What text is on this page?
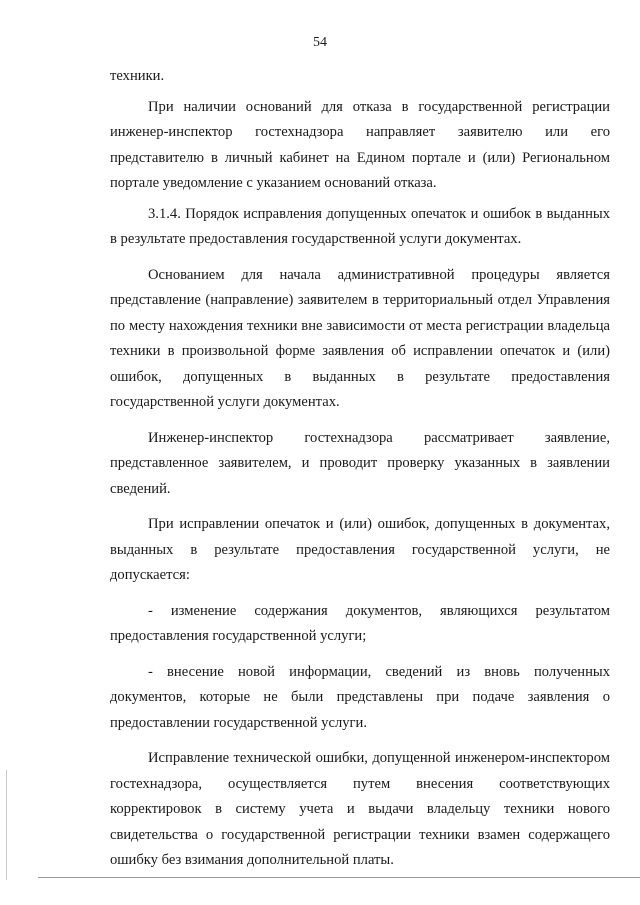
54

техники.

При наличии оснований для отказа в государственной регистрации инженер-инспектор гостехнадзора направляет заявителю или его представителю в личный кабинет на Едином портале и (или) Региональном портале уведомление с указанием оснований отказа.

3.1.4. Порядок исправления допущенных опечаток и ошибок в выданных в результате предоставления государственной услуги документах.

Основанием для начала административной процедуры является представление (направление) заявителем в территориальный отдел Управления по месту нахождения техники вне зависимости от места регистрации владельца техники в произвольной форме заявления об исправлении опечаток и (или) ошибок, допущенных в выданных в результате предоставления государственной услуги документах.

Инженер-инспектор гостехнадзора рассматривает заявление, представленное заявителем, и проводит проверку указанных в заявлении сведений.

При исправлении опечаток и (или) ошибок, допущенных в документах, выданных в результате предоставления государственной услуги, не допускается:

- изменение содержания документов, являющихся результатом предоставления государственной услуги;

- внесение новой информации, сведений из вновь полученных документов, которые не были представлены при подаче заявления о предоставлении государственной услуги.

Исправление технической ошибки, допущенной инженером-инспектором гостехнадзора, осуществляется путем внесения соответствующих корректировок в систему учета и выдачи владельцу техники нового свидетельства о государственной регистрации техники взамен содержащего ошибку без взимания дополнительной платы.
